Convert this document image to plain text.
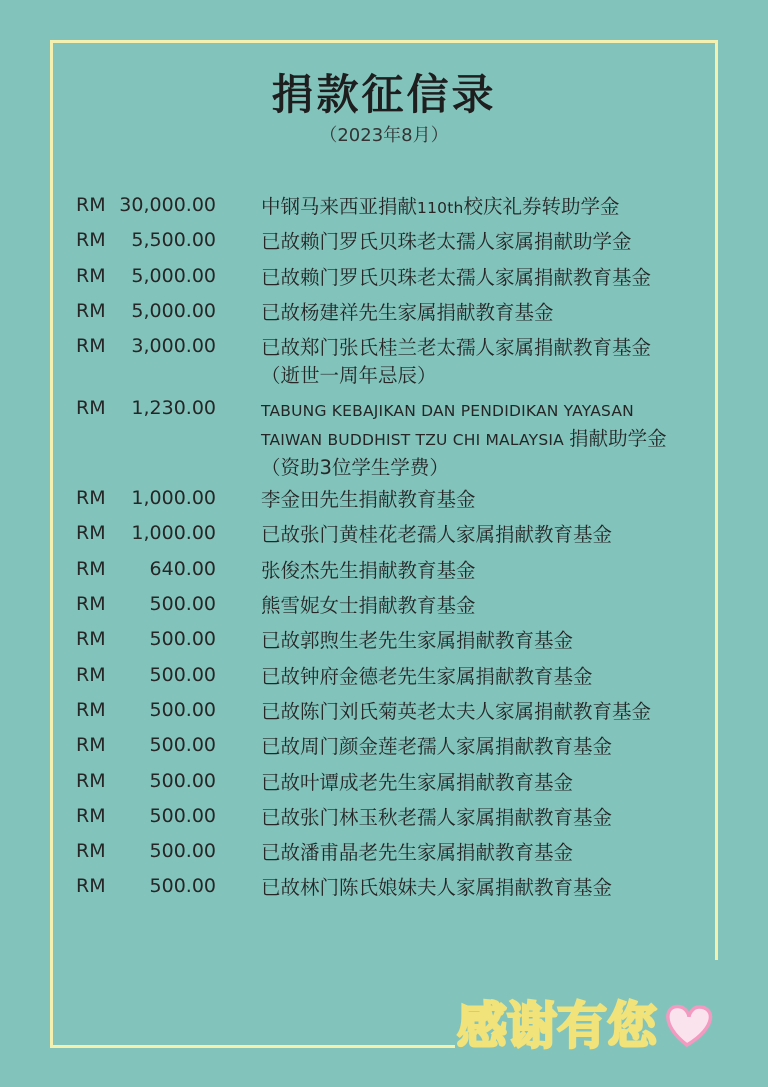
捐款征信录
（2023年8月）
RM 30,000.00 中钢马来西亚捐献110th校庆礼券转助学金
RM	5,500.00 已故赖门罗氏贝珠老太孺人家属捐献助学金
RM	5,000.00 已故赖门罗氏贝珠老太孺人家属捐献教育基金
RM	5,000.00 已故杨建祥先生家属捐献教育基金
RM	3,000.00 已故郑门张氏桂兰老太孺人家属捐献教育基金
（逝世一周年忌辰）
RM	1,230.00	TABUNG KEBAJIKAN DAN PENDIDIKAN YAYASAN
TAIWAN BUDDHIST TZU CHI MALAYSIA 捐献助学金
（资助3位学生学费）
RM	1,000.00 李金田先生捐献教育基金
RM	1,000.00 已故张门黄桂花老孺人家属捐献教育基金
RM	640.00 张俊杰先生捐献教育基金
RM	500.00 熊雪妮女士捐献教育基金
RM	500.00 已故郭煦生老先生家属捐献教育基金
RM	500.00 已故钟府金德老先生家属捐献教育基金
RM	500.00 已故陈门刘氏菊英老太夫人家属捐献教育基金
RM	500.00 已故周门颜金莲老孺人家属捐献教育基金
RM	500.00 已故叶谭成老先生家属捐献教育基金
RM	500.00 已故张门林玉秋老孺人家属捐献教育基金
RM	500.00 已故潘甫晶老先生家属捐献教育基金
RM	500.00 已故林门陈氏娘妹夫人家属捐献教育基金
感谢有您
